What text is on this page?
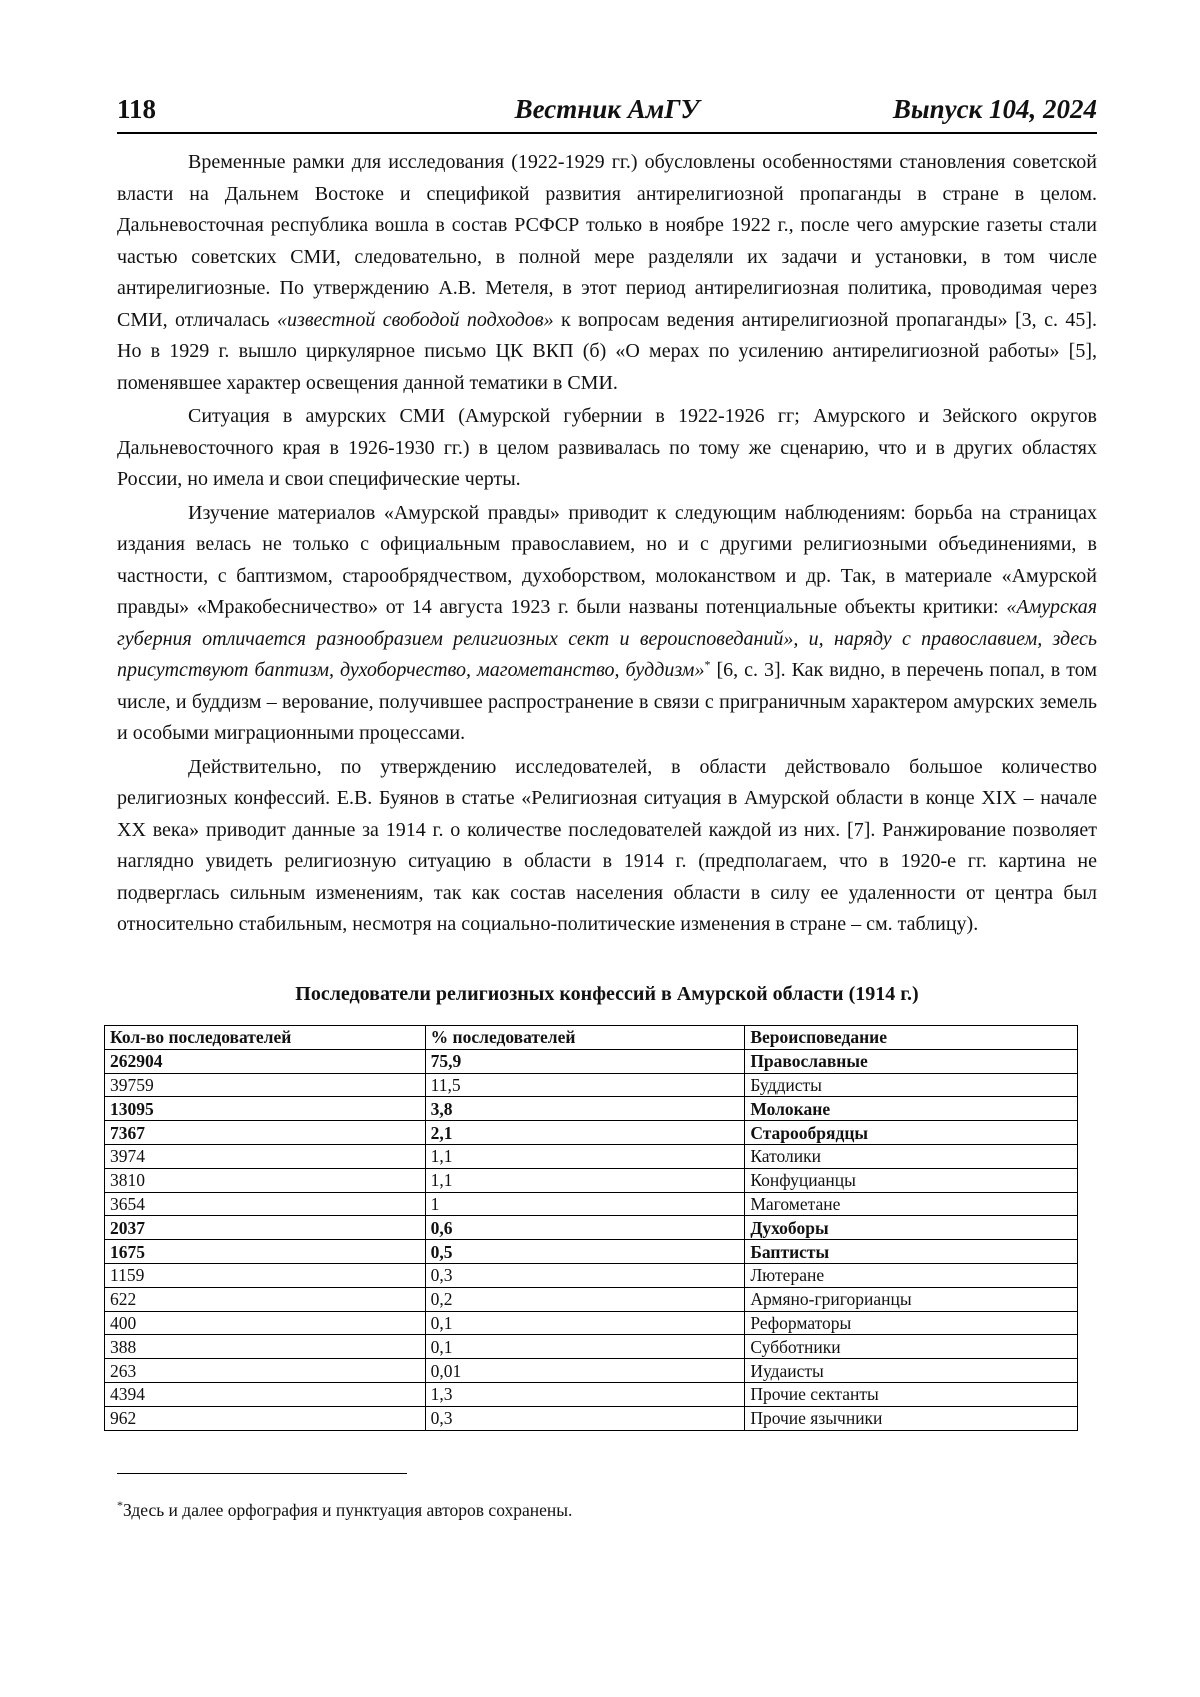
Вестник АмГУ
118	Выпуск 104, 2024

Временные рамки для исследования (1922-1929 гг.) обусловлены особенностями становления советской власти на Дальнем Востоке и спецификой развития антирелигиозной пропаганды в стране в целом. Дальневосточная республика вошла в состав РСФСР только в ноябре 1922 г., после чего амурские газеты стали частью советских СМИ, следовательно, в полной мере разделяли их задачи и установки, в том числе антирелигиозные. По утверждению А.В. Метеля, в этот период антирелигиозная политика, проводимая через СМИ, отличалась «известной свободой подходов» к вопросам ведения антирелигиозной пропаганды» [3, с. 45]. Но в 1929 г. вышло циркулярное письмо ЦК ВКП (б) «О мерах по усилению антирелигиозной работы» [5], поменявшее характер освещения данной тематики в СМИ.

Ситуация в амурских СМИ (Амурской губернии в 1922-1926 гг; Амурского и Зейского округов Дальневосточного края в 1926-1930 гг.) в целом развивалась по тому же сценарию, что и в других областях России, но имела и свои специфические черты.

Изучение материалов «Амурской правды» приводит к следующим наблюдениям: борьба на страницах издания велась не только с официальным православием, но и с другими религиозными объединениями, в частности, с баптизмом, старообрядчеством, духоборством, молоканством и др. Так, в материале «Амурской правды» «Мракобесничество» от 14 августа 1923 г. были названы потенциальные объекты критики: «Амурская губерния отличается разнообразием религиозных сект и вероисповеданий», и, наряду с православием, здесь присутствуют баптизм, духоборчество, магометанство, буддизм»* [6, с. 3]. Как видно, в перечень попал, в том числе, и буддизм – верование, получившее распространение в связи с приграничным характером амурских земель и особыми миграционными процессами.

Действительно, по утверждению исследователей, в области действовало большое количество религиозных конфессий. Е.В. Буянов в статье «Религиозная ситуация в Амурской области в конце XIX – начале XX века» приводит данные за 1914 г. о количестве последователей каждой из них. [7]. Ранжирование позволяет наглядно увидеть религиозную ситуацию в области в 1914 г. (предполагаем, что в 1920-е гг. картина не подверглась сильным изменениям, так как состав населения области в силу ее удаленности от центра был относительно стабильным, несмотря на социально-политические изменения в стране – см. таблицу).

Последователи религиозных конфессий в Амурской области (1914 г.)
Кол-во последователей	% последователей	Вероисповедание
262904	75,9	Православные
39759	11,5	Буддисты
13095	3,8	Молокане
7367	2,1	Старообрядцы
3974	1,1	Католики
3810	1,1	Конфуцианцы
3654	1	Магометане
2037	0,6	Духоборы
1675	0,5	Баптисты
1159	0,3	Лютеране
622	0,2	Армяно-григорианцы
400	0,1	Реформаторы
388	0,1	Субботники
263	0,01	Иудаисты
4394	1,3	Прочие сектанты
962	0,3	Прочие язычники
*Здесь и далее орфография и пунктуация авторов сохранены.
